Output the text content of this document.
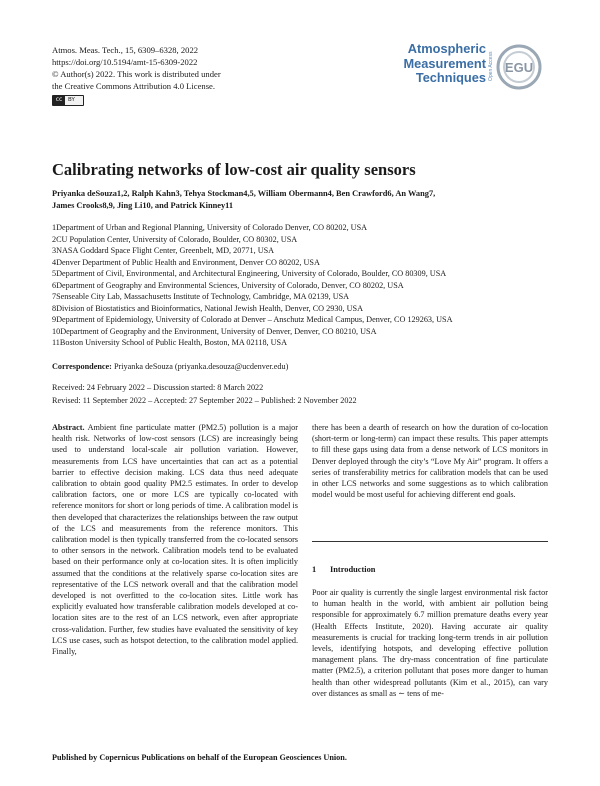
Atmos. Meas. Tech., 15, 6309–6328, 2022
https://doi.org/10.5194/amt-15-6309-2022
© Author(s) 2022. This work is distributed under
the Creative Commons Attribution 4.0 License.
cc	BY
Atmospheric
Measurement
Techniques Open Access EGU
Calibrating networks of low-cost air quality sensors
Priyanka deSouza1,2, Ralph Kahn3, Tehya Stockman4,5, William Obermann4, Ben Crawford6, An Wang7,
James Crooks8,9, Jing Li10, and Patrick Kinney11
1Department of Urban and Regional Planning, University of Colorado Denver, CO 80202, USA
2CU Population Center, University of Colorado, Boulder, CO 80302, USA
3NASA Goddard Space Flight Center, Greenbelt, MD, 20771, USA
4Denver Department of Public Health and Environment, Denver CO 80202, USA
5Department of Civil, Environmental, and Architectural Engineering, University of Colorado, Boulder, CO 80309, USA
6Department of Geography and Environmental Sciences, University of Colorado, Denver, CO 80202, USA
7Senseable City Lab, Massachusetts Institute of Technology, Cambridge, MA 02139, USA
8Division of Biostatistics and Bioinformatics, National Jewish Health, Denver, CO 2930, USA
9Department of Epidemiology, University of Colorado at Denver – Anschutz Medical Campus, Denver, CO 129263, USA
10Department of Geography and the Environment, University of Denver, Denver, CO 80210, USA
11Boston University School of Public Health, Boston, MA 02118, USA
Correspondence: Priyanka deSouza (priyanka.desouza@ucdenver.edu)
Received: 24 February 2022 – Discussion started: 8 March 2022
Revised: 11 September 2022 – Accepted: 27 September 2022 – Published: 2 November 2022
Abstract. Ambient fine particulate matter (PM2.5) pollution is a major health risk. Networks of low-cost sensors (LCS) are increasingly being used to understand local-scale air pollution variation. However, measurements from LCS have uncertainties that can act as a potential barrier to effective decision making. LCS data thus need adequate calibration to obtain good quality PM2.5 estimates. In order to develop calibration factors, one or more LCS are typically co-located with reference monitors for short or long periods of time. A calibration model is then developed that characterizes the relationships between the raw output of the LCS and measurements from the reference monitors. This calibration model is then typically transferred from the co-located sensors to other sensors in the network. Calibration models tend to be evaluated based on their performance only at co-location sites. It is often implicitly assumed that the conditions at the relatively sparse co-location sites are representative of the LCS network overall and that the calibration model developed is not overfitted to the co-location sites. Little work has explicitly evaluated how transferable calibration models developed at co-location sites are to the rest of an LCS network, even after appropriate cross-validation. Further, few studies have evaluated the sensitivity of key LCS use cases, such as hotspot detection, to the calibration model applied. Finally,
there has been a dearth of research on how the duration of co-location (short-term or long-term) can impact these results. This paper attempts to fill these gaps using data from a dense network of LCS monitors in Denver deployed through the city’s “Love My Air” program. It offers a series of transferability metrics for calibration models that can be used in other LCS networks and some suggestions as to which calibration model would be most useful for achieving different end goals.
1 Introduction
Poor air quality is currently the single largest environmental risk factor to human health in the world, with ambient air pollution being responsible for approximately 6.7 million premature deaths every year (Health Effects Institute, 2020). Having accurate air quality measurements is crucial for tracking long-term trends in air pollution levels, identifying hotspots, and developing effective pollution management plans. The dry-mass concentration of fine particulate matter (PM2.5), a criterion pollutant that poses more danger to human health than other widespread pollutants (Kim et al., 2015), can vary over distances as small as ∼ tens of me-
Published by Copernicus Publications on behalf of the European Geosciences Union.
